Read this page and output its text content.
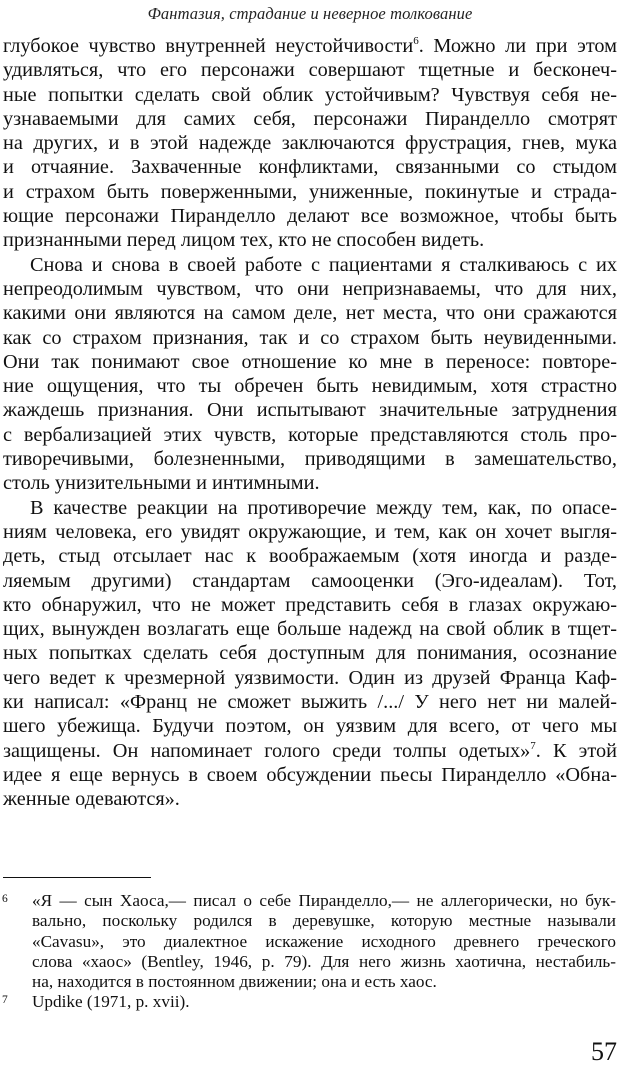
Фантазия, страдание и неверное толкование
глубокое чувство внутренней неустойчивости$^6$. Можно ли при этом
удивляться, что его персонажи совершают тщетные и бесконеч-
ные попытки сделать свой облик устойчивым? Чувствуя себя не-
узнаваемыми для самих себя, персонажи Пиранделло смотрят
на других, и в этой надежде заключаются фрустрация, гнев, мука
и отчаяние. Захваченные конфликтами, связанными со стыдом
и страхом быть поверженными, униженные, покинутые и страда-
ющие персонажи Пиранделло делают все возможное, чтобы быть
признанными перед лицом тех, кто не способен видеть.
Снова и снова в своей работе с пациентами я сталкиваюсь с их
непреодолимым чувством, что они непризнаваемы, что для них,
какими они являются на самом деле, нет места, что они сражаются
как со страхом признания, так и со страхом быть неувиденными.
Они так понимают свое отношение ко мне в переносе: повторе-
ние ощущения, что ты обречен быть невидимым, хотя страстно
жаждешь признания. Они испытывают значительные затруднения
с вербализацией этих чувств, которые представляются столь про-
тиворечивыми, болезненными, приводящими в замешательство,
столь унизительными и интимными.
В качестве реакции на противоречие между тем, как, по опасе-
ниям человека, его увидят окружающие, и тем, как он хочет выгля-
деть, стыд отсылает нас к воображаемым (хотя иногда и разде-
ляемым другими) стандартам самооценки (Эго-идеалам). Тот,
кто обнаружил, что не может представить себя в глазах окружаю-
щих, вынужден возлагать еще больше надежд на свой облик в тщет-
ных попытках сделать себя доступным для понимания, осознание
чего ведет к чрезмерной уязвимости. Один из друзей Франца Каф-
ки написал: «Франц не сможет выжить /.../ У него нет ни малей-
шего убежища. Будучи поэтом, он уязвим для всего, от чего мы
защищены. Он напоминает голого среди толпы одетых»$^7$. К этой
идее я еще вернусь в своем обсуждении пьесы Пиранделло «Обна-
женные одеваются».
6 «Я — сын Хаоса,— писал о себе Пиранделло,— не аллегорически, но бук-
вально, поскольку родился в деревушке, которую местные называли
«Cavasu», это диалектное искажение исходного древнего греческого
слова «хаос» (Bentley, 1946, p. 79). Для него жизнь хаотична, нестабиль-
на, находится в постоянном движении; она и есть хаос.
7 Updike (1971, p. xvii).
57
